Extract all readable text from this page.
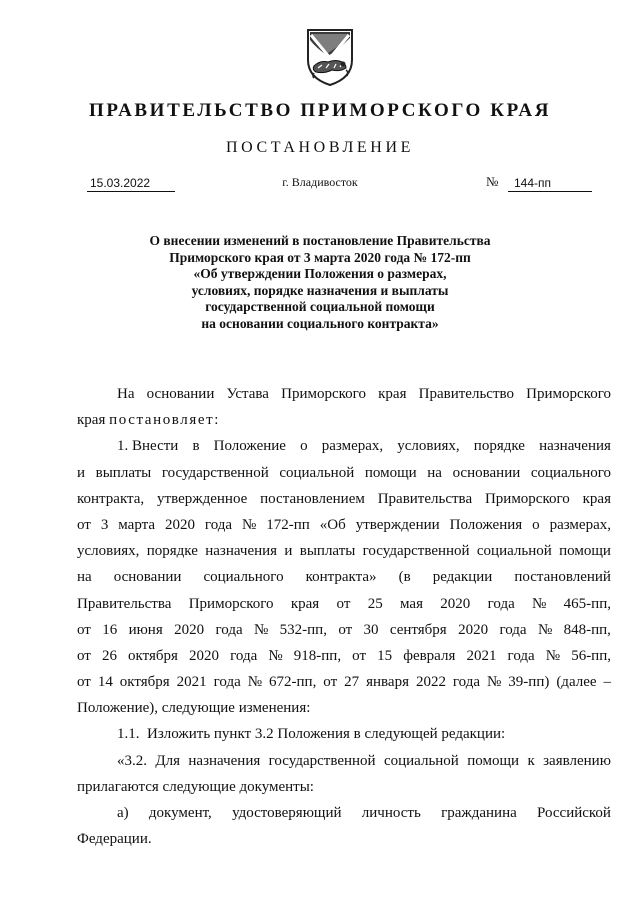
ПРАВИТЕЛЬСТВО ПРИМОРСКОГО КРАЯ
ПОСТАНОВЛЕНИЕ
15.03.2022	г. Владивосток	№	144-пп
О внесении изменений в постановление Правительства
Приморского края от 3 марта 2020 года № 172-пп
«Об утверждении Положения о размерах,
условиях, порядке назначения и выплаты
государственной социальной помощи
на основании социального контракта»
На основании Устава Приморского края Правительство Приморского
края постановляет:
1. Внести в Положение о размерах, условиях, порядке назначения
и выплаты государственной социальной помощи на основании социального
контракта, утвержденное постановлением Правительства Приморского края
от 3 марта 2020 года № 172-пп «Об утверждении Положения о размерах,
условиях, порядке назначения и выплаты государственной социальной помощи
на основании социального контракта» (в редакции постановлений
Правительства Приморского края от 25 мая 2020 года № 465-пп,
от 16 июня 2020 года № 532-пп, от 30 сентября 2020 года № 848-пп,
от 26 октября 2020 года № 918-пп, от 15 февраля 2021 года № 56-пп,
от 14 октября 2021 года № 672-пп, от 27 января 2022 года № 39-пп) (далее –
Положение), следующие изменения:
1.1.  Изложить пункт 3.2 Положения в следующей редакции:
«3.2. Для назначения государственной социальной помощи к заявлению
прилагаются следующие документы:
а) документ, удостоверяющий личность гражданина Российской
Федерации.
